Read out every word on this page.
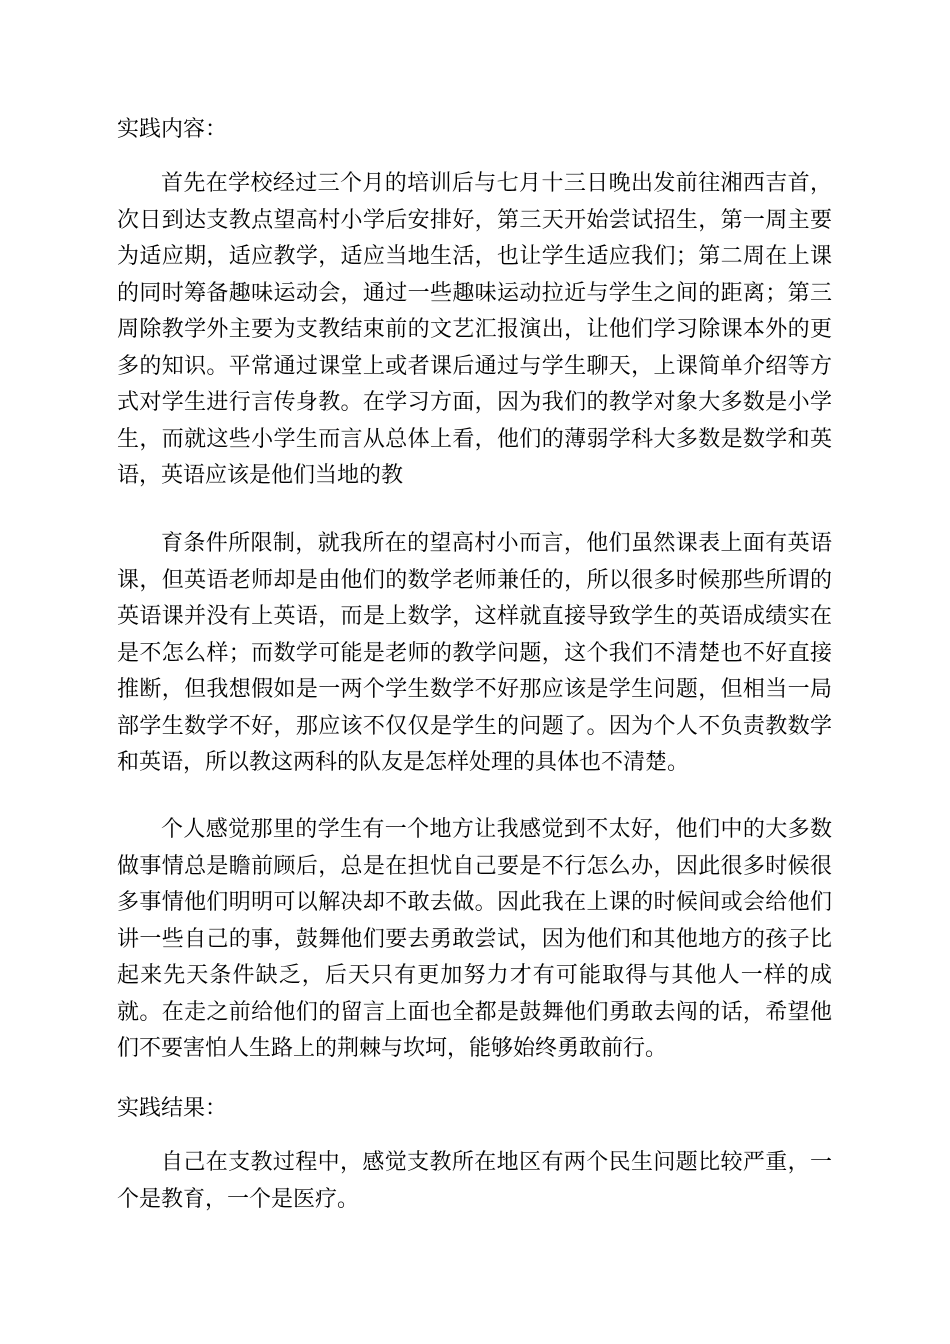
实践内容：

首先在学校经过三个月的培训后与七月十三日晚出发前往湘西吉首，次日到达支教点望高村小学后安排好，第三天开始尝试招生，第一周主要为适应期，适应教学，适应当地生活，也让学生适应我们；第二周在上课的同时筹备趣味运动会，通过一些趣味运动拉近与学生之间的距离；第三周除教学外主要为支教结束前的文艺汇报演出，让他们学习除课本外的更多的知识。平常通过课堂上或者课后通过与学生聊天，上课简单介绍等方式对学生进行言传身教。在学习方面，因为我们的教学对象大多数是小学生，而就这些小学生而言从总体上看，他们的薄弱学科大多数是数学和英语，英语应该是他们当地的教

育条件所限制，就我所在的望高村小而言，他们虽然课表上面有英语课，但英语老师却是由他们的数学老师兼任的，所以很多时候那些所谓的英语课并没有上英语，而是上数学，这样就直接导致学生的英语成绩实在是不怎么样；而数学可能是老师的教学问题，这个我们不清楚也不好直接推断，但我想假如是一两个学生数学不好那应该是学生问题，但相当一局部学生数学不好，那应该不仅仅是学生的问题了。因为个人不负责教数学和英语，所以教这两科的队友是怎样处理的具体也不清楚。

个人感觉那里的学生有一个地方让我感觉到不太好，他们中的大多数做事情总是瞻前顾后，总是在担忧自己要是不行怎么办，因此很多时候很多事情他们明明可以解决却不敢去做。因此我在上课的时候间或会给他们讲一些自己的事，鼓舞他们要去勇敢尝试，因为他们和其他地方的孩子比起来先天条件缺乏，后天只有更加努力才有可能取得与其他人一样的成就。在走之前给他们的留言上面也全都是鼓舞他们勇敢去闯的话，希望他们不要害怕人生路上的荆棘与坎坷，能够始终勇敢前行。

实践结果：

自己在支教过程中，感觉支教所在地区有两个民生问题比较严重，一个是教育，一个是医疗。
